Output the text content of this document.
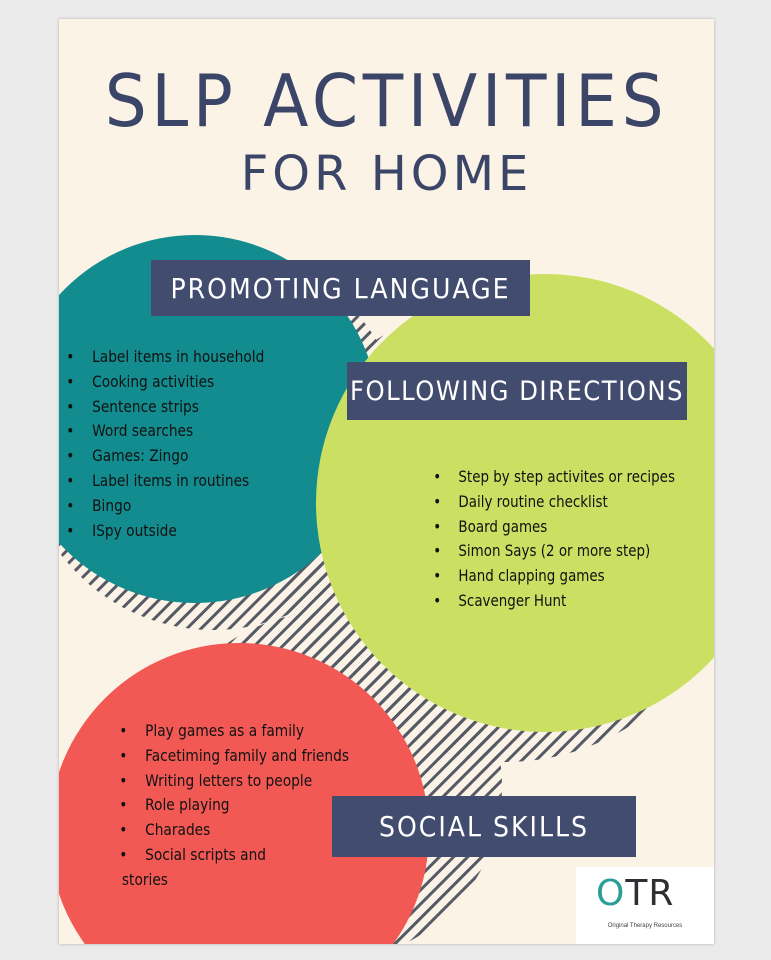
SLP ACTIVITIES
FOR HOME
PROMOTING LANGUAGE
• Label items in household
• Cooking activities
• Sentence strips
• Word searches
• Games: Zingo
• Label items in routines
• Bingo
• ISpy outside
FOLLOWING DIRECTIONS
• Step by step activites or recipes
• Daily routine checklist
• Board games
• Simon Says (2 or more step)
• Hand clapping games
• Scavenger Hunt
• Play games as a family
• Facetiming family and friends
• Writing letters to people
• Role playing
• Charades
• Social scripts and
stories
SOCIAL SKILLS
OTR
Original Therapy Resources
